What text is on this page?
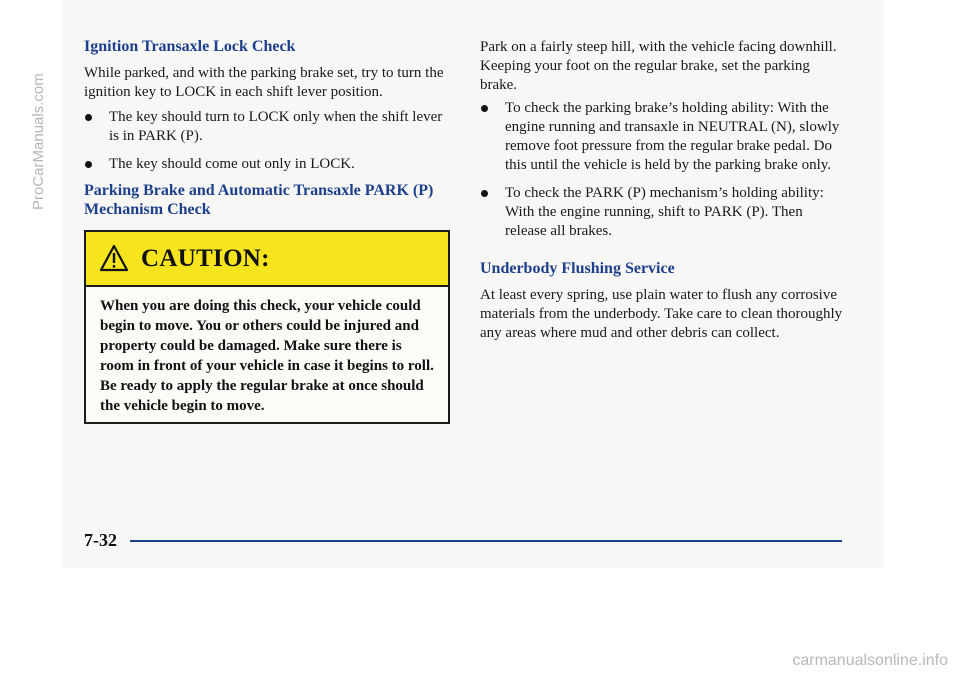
Ignition Transaxle Lock Check
While parked, and with the parking brake set, try to turn the ignition key to LOCK in each shift lever position.
The key should turn to LOCK only when the shift lever is in PARK (P).
The key should come out only in LOCK.
Parking Brake and Automatic Transaxle PARK (P)
Mechanism Check
CAUTION:
When you are doing this check, your vehicle could begin to move. You or others could be injured and property could be damaged. Make sure there is room in front of your vehicle in case it begins to roll. Be ready to apply the regular brake at once should the vehicle begin to move.
Park on a fairly steep hill, with the vehicle facing downhill. Keeping your foot on the regular brake, set the parking brake.
To check the parking brake’s holding ability: With the engine running and transaxle in NEUTRAL (N), slowly remove foot pressure from the regular brake pedal. Do this until the vehicle is held by the parking brake only.
To check the PARK (P) mechanism’s holding ability: With the engine running, shift to PARK (P). Then release all brakes.
Underbody Flushing Service
At least every spring, use plain water to flush any corrosive materials from the underbody. Take care to clean thoroughly any areas where mud and other debris can collect.
7-32
ProCarManuals.com
carmanualsonline.info
